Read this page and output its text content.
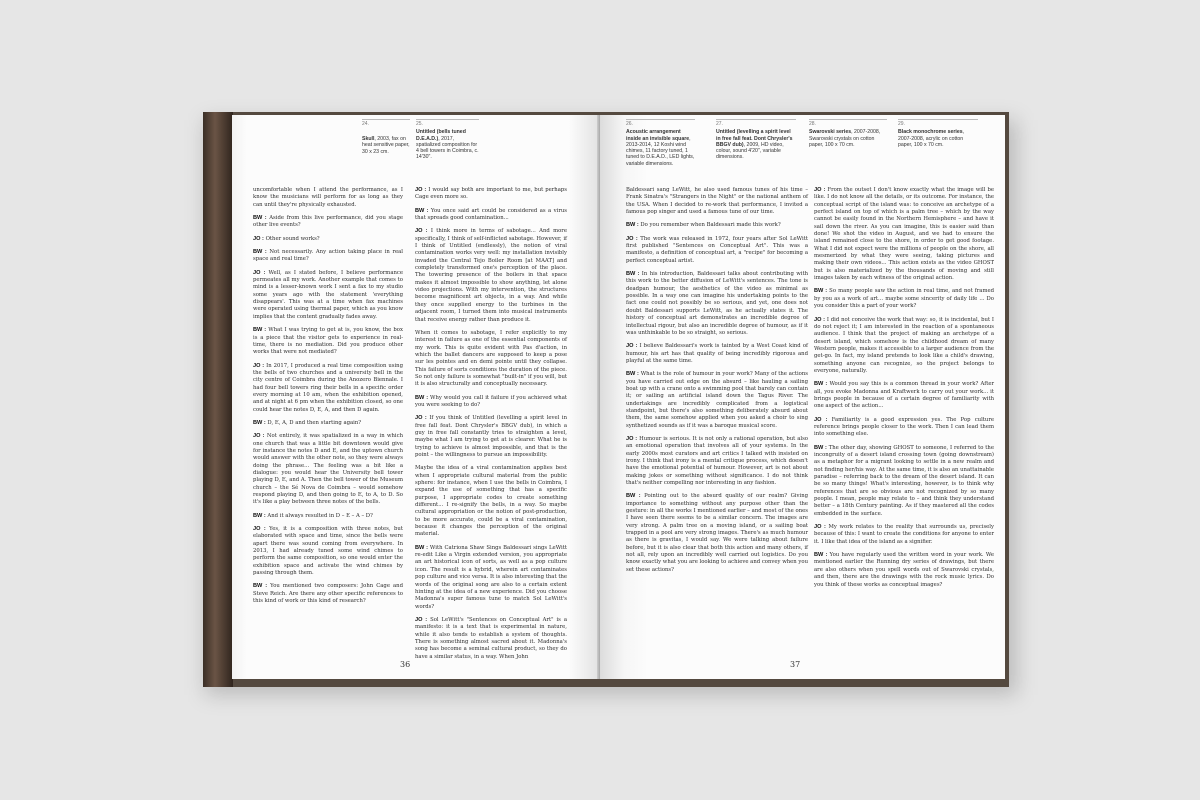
24.
Skull, 2003, fax on heat sensitive paper, 30 x 23 cm.
25.
Untitled (bells tuned D.E.A.D.), 2017, spatialized composition for 4 bell towers in Coimbra, c. 14'30".

uncomfortable when I attend the performance, as I know the musicians will perform for as long as they can until they're physically exhausted.

BW : Aside from this live performance, did you stage other live events?

JO : Other sound works?

BW : Not necessarily. Any action taking place in real space and real time?

JO : Well, as I stated before, I believe performance permeates all my work. Another example that comes to mind is a lesser-known work I sent a fax to my studio some years ago with the statement 'everything disappears'. This was at a time when fax machines were operated using thermal paper, which as you know implies that the content gradually fades away.

BW : What I was trying to get at is, you know, the box is a piece that the visitor gets to experience in real-time, there is no mediation. Did you produce other works that were not mediated?

JO : In 2017, I produced a real time composition using the bells of two churches and a university bell in the city centre of Coimbra during the Anozero Biennale. I had four bell towers ring their bells in a specific order every morning at 10 am, when the exhibition opened, and at night at 6 pm when the exhibition closed, so one could hear the notes D, E, A, and then D again.

BW : D, E, A, D and then starting again?

JO : Not entirely, it was spatialized in a way in which one church that was a little bit downtown would give for instance the notes D and E, and the uptown church would answer with the other note, so they were always doing the phrase... The feeling was a bit like a dialogue: you would hear the University bell tower playing D, E, and A. Then the bell tower of the Museum church – the Sé Nova de Coimbra – would somehow respond playing D, and then going to E, to A, to D. So it's like a play between three notes of the bells.

BW : And it always resulted in D – E – A – D?

JO : Yes, it is a composition with three notes, but elaborated with space and time, since the bells were apart there was sound coming from everywhere. In 2013, I had already tuned some wind chimes to perform the same composition, so one would enter the exhibition space and activate the wind chimes by passing through them.

BW : You mentioned two composers: John Cage and Steve Reich. Are there any other specific references to this kind of work or this kind of research?

JO : I would say both are important to me, but perhaps Cage even more so.

BW : You once said art could be considered as a virus that spreads good contamination...

JO : I think more in terms of sabotage... And more specifically, I think of self-inflicted sabotage. However, if I think of Untitled (endlessly), the notion of viral contamination works very well: my installation invisibly invaded the Central Tejo Boiler Room [at MAAT] and completely transformed one's perception of the place. The towering presence of the boilers in that space makes it almost impossible to show anything, let alone video projections. With my intervention, the structures become magnificent art objects, in a way. And while they once supplied energy to the turbines in the adjacent room, I turned them into musical instruments that receive energy rather than produce it.

When it comes to sabotage, I refer explicitly to my interest in failure as one of the essential components of my work. This is quite evident with Pas d'action, in which the ballet dancers are supposed to keep a pose sur les pointes and en demi pointe until they collapse. This failure of sorts conditions the duration of the piece. So not only failure is somewhat "built-in" if you will, but it is also structurally and conceptually necessary.

BW : Why would you call it failure if you achieved what you were seeking to do?

JO : If you think of Untitled (levelling a spirit level in free fall feat. Dont Chrysler's BBGV dub), in which a guy in free fall constantly tries to straighten a level, maybe what I am trying to get at is clearer. What he is trying to achieve is almost impossible, and that is the point – the willingness to pursue an impossibility.

Maybe the idea of a viral contamination applies best when I appropriate cultural material from the public sphere: for instance, when I use the bells in Coimbra, I expand the use of something that has a specific purpose, I appropriate codes to create something different... I re-signify the bells, in a way. So maybe cultural appropriation or the notion of post-production, to be more accurate, could be a viral contamination, because it changes the perception of the original material.

BW : With Catriona Shaw Sings Baldessari sings LeWitt re-edit Like a Virgin extended version, you appropriate an art historical icon of sorts, as well as a pop culture icon. The result is a hybrid, wherein art contaminates pop culture and vice versa. It is also interesting that the words of the original song are also to a certain extent hinting at the idea of a new experience. Did you choose Madonna's super famous tune to match Sol LeWitt's words?

JO : Sol LeWitt's "Sentences on Conceptual Art" is a manifesto: it is a text that is experimental in nature, while it also tends to establish a system of thoughts. There is something almost sacred about it. Madonna's song has become a seminal cultural product, so they do have a similar status, in a way. When John

36
26.
Acoustic arrangement inside an invisible square, 2013-2014, 12 Koshi wind chimes, 11 factory tuned, 1 tuned to D.E.A.D., LED lights, variable dimensions.
27.
Untitled (levelling a spirit level in free fall feat. Dont Chrysler's BBGV dub), 2009, HD video, colour, sound 4'20", variable dimensions.
28.
Swarovski series, 2007-2008, Swarovski crystals on cotton paper, 100 x 70 cm.
29.
Black monochrome series, 2007-2008, acrylic on cotton paper, 100 x 70 cm.

Baldessari sang LeWitt, he also used famous tunes of his time – Frank Sinatra's "Strangers in the Night" or the national anthem of the USA. When I decided to re-work that performance, I invited a famous pop singer and used a famous tune of our time.

BW : Do you remember when Baldessari made this work?

JO : The work was released in 1972, four years after Sol LeWitt first published "Sentences on Conceptual Art". This was a manifesto, a definition of conceptual art, a "recipe" for becoming a perfect conceptual artist.

BW : In his introduction, Baldessari talks about contributing with this work to the better diffusion of LeWitt's sentences. The tone is deadpan humour, the aesthetics of the video as minimal as possible. In a way one can imagine his undertaking points to the fact one could not possibly be so serious, and yet, one does not doubt Baldessari supports LeWitt, as he actually states it. The history of conceptual art demonstrates an incredible degree of intellectual rigour, but also an incredible degree of humour, as if it was unthinkable to be so straight, so serious.

JO : I believe Baldessari's work is tainted by a West Coast kind of humour, his art has that quality of being incredibly rigorous and playful at the same time.

BW : What is the role of humour in your work? Many of the actions you have carried out edge on the absurd – like hauling a sailing boat up with a crane onto a swimming pool that barely can contain it; or sailing an artificial island down the Tagus River. The undertakings are incredibly complicated from a logistical standpoint, but there's also something deliberately absurd about them, the same somehow applied when you asked a choir to sing synthetized sounds as if it was a baroque musical score.

JO : Humour is serious. It is not only a rational operation, but also an emotional operation that involves all of your systems. In the early 2000s most curators and art critics I talked with insisted on irony. I think that irony is a mental critique process, which doesn't have the emotional potential of humour. However, art is not about making jokes or something without significance. I do not think that's neither compelling nor interesting in any fashion.

BW : Pointing out to the absurd quality of our realm? Giving importance to something without any purpose other than the gesture: in all the works I mentioned earlier – and most of the ones I have seen there seems to be a similar concern. The images are very strong. A palm tree on a moving island, or a sailing boat trapped in a pool are very strong images. There's as much humour as there is gravitas, I would say. We were talking about failure before, but it is also clear that both this action and many others, if not all, rely upon an incredibly well carried out logistics. Do you know exactly what you are looking to achieve and convey when you set these actions?

JO : From the outset I don't know exactly what the image will be like. I do not know all the details, or its outcome. For instance, the conceptual script of the island was: to conceive an archetype of a perfect island on top of which is a palm tree – which by the way cannot be easily found in the Northern Hemisphere – and have it sail down the river. As you can imagine, this is easier said than done! We shot the video in August, and we had to ensure the island remained close to the shore, in order to get good footage. What I did not expect were the millions of people on the shore, all mesmerized by what they were seeing, taking pictures and making their own videos... This action exists as the video GHOST but is also materialized by the thousands of moving and still images taken by each witness of the original action.

BW : So many people saw the action in real time, and not framed by you as a work of art... maybe some sincerity of daily life ... Do you consider this a part of your work?

JO : I did not conceive the work that way: so, it is incidental, but I do not reject it; I am interested in the reaction of a spontaneous audience. I think that the project of making an archetype of a desert island, which somehow is the childhood dream of many Western people, makes it accessible to a larger audience from the get-go. In fact, my island pretends to look like a child's drawing, something anyone can recognize, so the project belongs to everyone, naturally.

BW : Would you say this is a common thread in your work? After all, you evoke Madonna and Kraftwerk to carry out your work... it brings people in because of a certain degree of familiarity with one aspect of the action...

JO : Familiarity is a good expression yes. The Pop culture reference brings people closer to the work. Then I can lead them into something else.

BW : The other day, showing GHOST to someone, I referred to the incongruity of a desert island crossing town (going downstream) as a metaphor for a migrant looking to settle in a new realm and not finding her/his way. At the same time, it is also an unattainable paradise – referring back to the dream of the desert island. It can be so many things! What's interesting, however, is to think why references that are so obvious are not recognized by so many people. I mean, people may relate to – and think they understand better – a 18th Century painting. As if they mastered all the codes embedded in the surface.

JO : My work relates to the reality that surrounds us, precisely because of this: I want to create the conditions for anyone to enter it. I like that idea of the island as a signifier.

BW : You have regularly used the written word in your work. We mentioned earlier the Running dry series of drawings, but there are also others when you spell words out of Swarovski crystals, and then, there are the drawings with the rock music lyrics. Do you think of these works as conceptual images?

37
